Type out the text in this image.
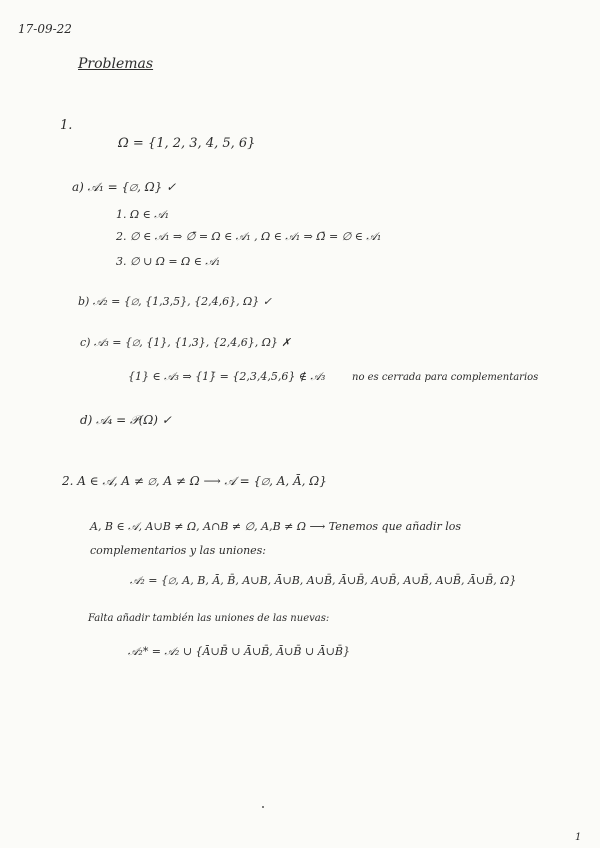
17-09-22
Problemas
1.
Ω = {1, 2, 3, 4, 5, 6}
a) 𝒜₁ = {∅, Ω} ✓
1. Ω ∈ 𝒜₁
2. ∅ ∈ 𝒜₁ ⇒ ∅̄ = Ω ∈ 𝒜₁ , Ω ∈ 𝒜₁ ⇒ Ω̄ = ∅ ∈ 𝒜₁
3. ∅ ∪ Ω = Ω ∈ 𝒜₁
b) 𝒜₂ = {∅, {1,3,5}, {2,4,6}, Ω} ✓
c) 𝒜₃ = {∅, {1}, {1,3}, {2,4,6}, Ω} ✗
{1} ∈ 𝒜₃ ⇒ {1}̄ = {2,3,4,5,6} ∉ 𝒜₃	no es cerrada para complementarios
d) 𝒜₄ = 𝒫(Ω) ✓
2. A ∈ 𝒜, A ≠ ∅, A ≠ Ω ⟶ 𝒜 = {∅, A, Ā, Ω}
A, B ∈ 𝒜, A∪B ≠ Ω, A∩B ≠ ∅, A,B ≠ Ω ⟶ Tenemos que añadir los
complementarios y las uniones:
𝒜₂ = {∅, A, B, Ā, B̄, A∪B, Ā∪B, A∪B̄, Ā∪B̄, A∪B̄, A∪B̄, A∪B̄, Ā∪B̄, Ω}
Falta añadir también las uniones de las nuevas:
𝒜₂* = 𝒜₂ ∪ {Ā∪B̄ ∪ Ā∪B̄, Ā∪B̄ ∪ Ā∪B̄}
1
